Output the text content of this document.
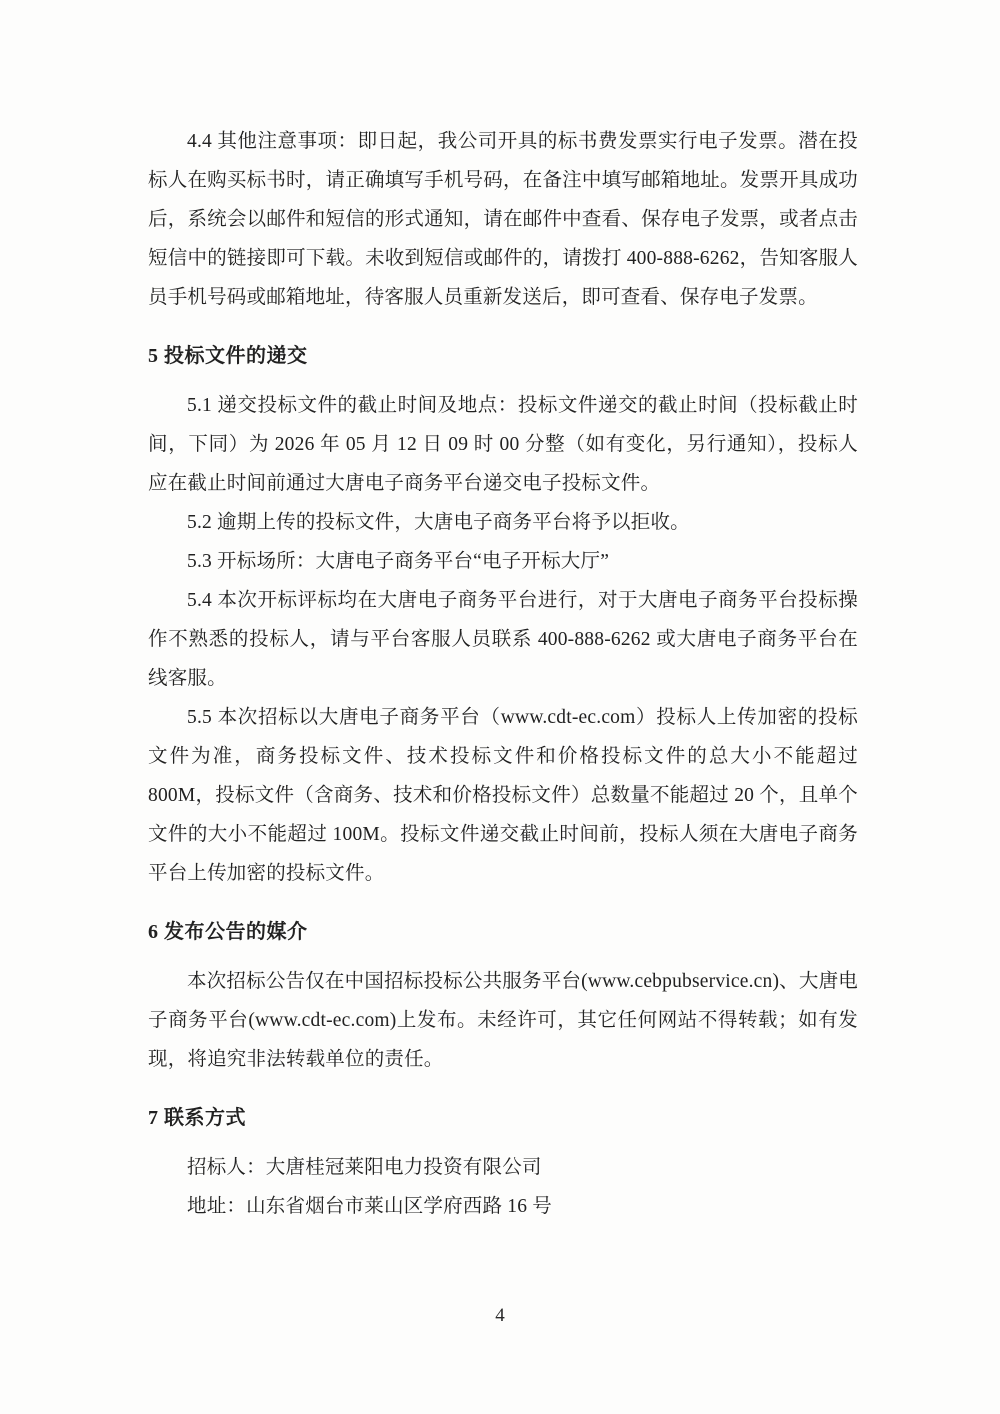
4.4 其他注意事项：即日起，我公司开具的标书费发票实行电子发票。潜在投标人在购买标书时，请正确填写手机号码，在备注中填写邮箱地址。发票开具成功后，系统会以邮件和短信的形式通知，请在邮件中查看、保存电子发票，或者点击短信中的链接即可下载。未收到短信或邮件的，请拨打 400-888-6262，告知客服人员手机号码或邮箱地址，待客服人员重新发送后，即可查看、保存电子发票。

5 投标文件的递交

5.1 递交投标文件的截止时间及地点：投标文件递交的截止时间（投标截止时间，下同）为 2026 年 05 月 12 日 09 时 00 分整（如有变化，另行通知），投标人应在截止时间前通过大唐电子商务平台递交电子投标文件。

5.2 逾期上传的投标文件，大唐电子商务平台将予以拒收。

5.3 开标场所：大唐电子商务平台“电子开标大厅”

5.4 本次开标评标均在大唐电子商务平台进行，对于大唐电子商务平台投标操作不熟悉的投标人，请与平台客服人员联系 400-888-6262 或大唐电子商务平台在线客服。

5.5 本次招标以大唐电子商务平台（www.cdt-ec.com）投标人上传加密的投标文件为准，商务投标文件、技术投标文件和价格投标文件的总大小不能超过 800M，投标文件（含商务、技术和价格投标文件）总数量不能超过 20 个，且单个文件的大小不能超过 100M。投标文件递交截止时间前，投标人须在大唐电子商务平台上传加密的投标文件。

6 发布公告的媒介

本次招标公告仅在中国招标投标公共服务平台(www.cebpubservice.cn)、大唐电子商务平台(www.cdt-ec.com)上发布。未经许可，其它任何网站不得转载；如有发现，将追究非法转载单位的责任。

7 联系方式

招标人：大唐桂冠莱阳电力投资有限公司

地址：山东省烟台市莱山区学府西路 16 号

4
